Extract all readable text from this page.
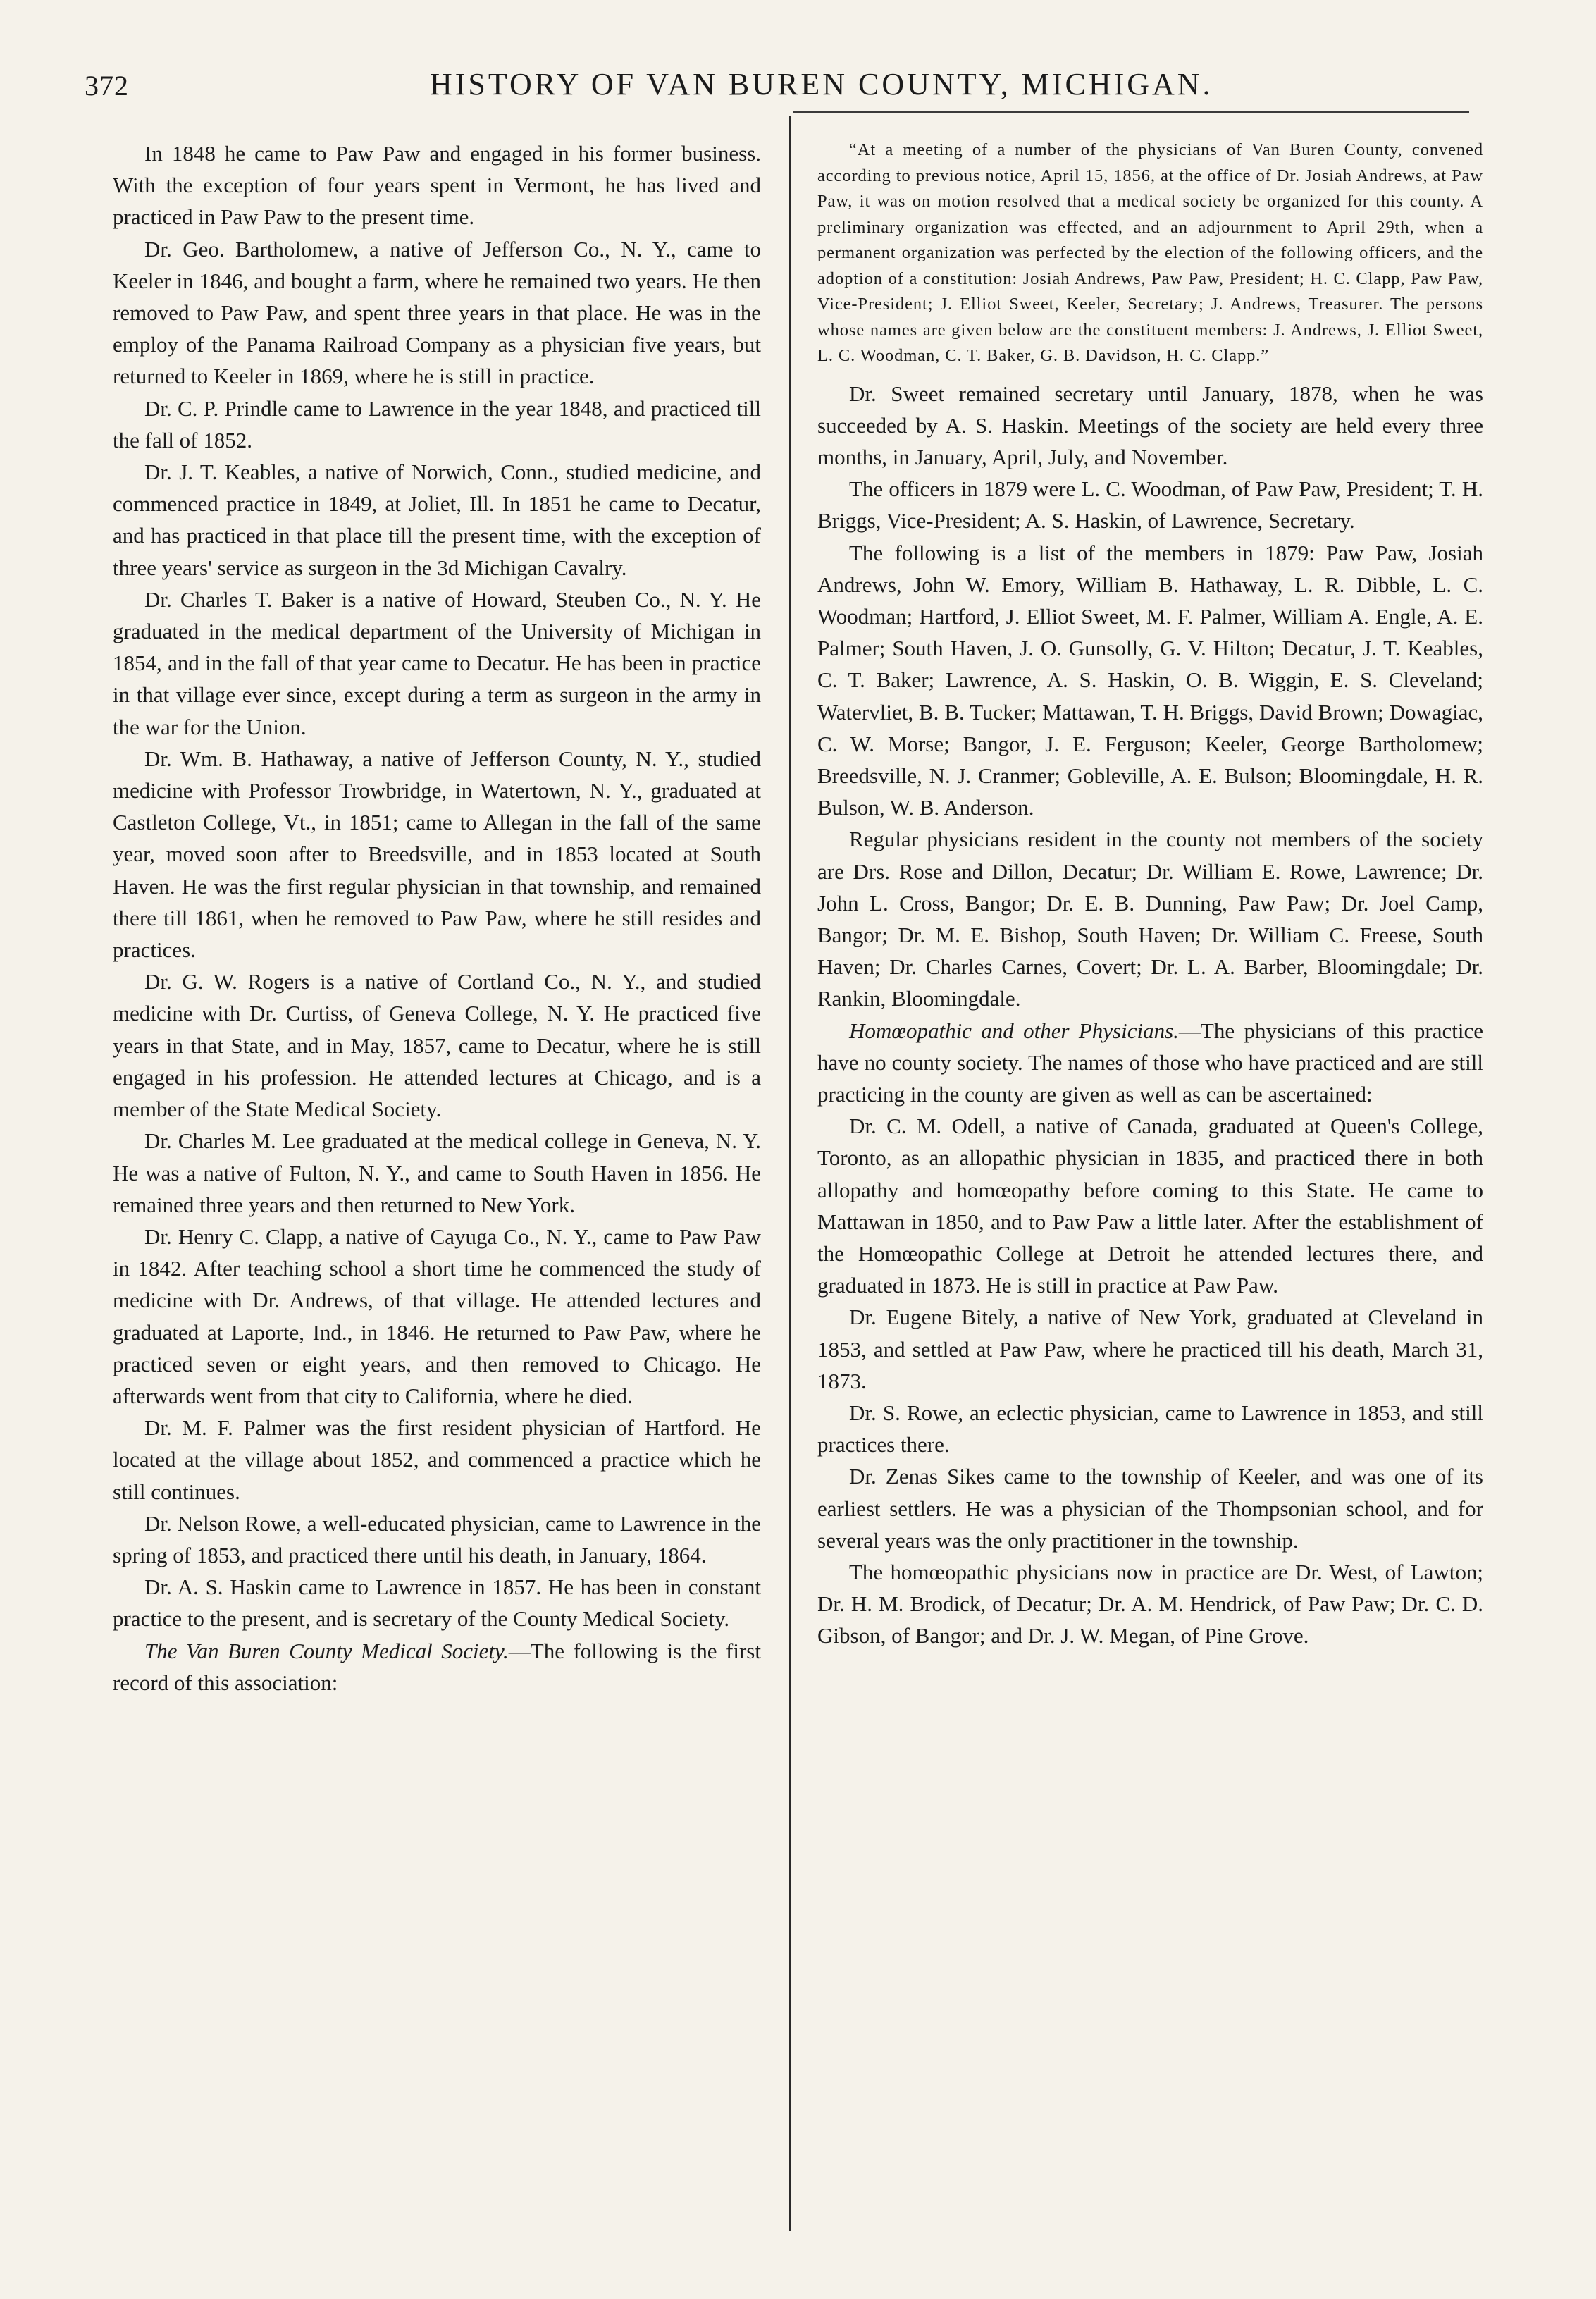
372	HISTORY OF VAN BUREN COUNTY, MICHIGAN.

In 1848 he came to Paw Paw and engaged in his former business. With the exception of four years spent in Vermont, he has lived and practiced in Paw Paw to the present time.

Dr. Geo. Bartholomew, a native of Jefferson Co., N. Y., came to Keeler in 1846, and bought a farm, where he remained two years. He then removed to Paw Paw, and spent three years in that place. He was in the employ of the Panama Railroad Company as a physician five years, but returned to Keeler in 1869, where he is still in practice.

Dr. C. P. Prindle came to Lawrence in the year 1848, and practiced till the fall of 1852.

Dr. J. T. Keables, a native of Norwich, Conn., studied medicine, and commenced practice in 1849, at Joliet, Ill. In 1851 he came to Decatur, and has practiced in that place till the present time, with the exception of three years' service as surgeon in the 3d Michigan Cavalry.

Dr. Charles T. Baker is a native of Howard, Steuben Co., N. Y. He graduated in the medical department of the University of Michigan in 1854, and in the fall of that year came to Decatur. He has been in practice in that village ever since, except during a term as surgeon in the army in the war for the Union.

Dr. Wm. B. Hathaway, a native of Jefferson County, N. Y., studied medicine with Professor Trowbridge, in Watertown, N. Y., graduated at Castleton College, Vt., in 1851; came to Allegan in the fall of the same year, moved soon after to Breedsville, and in 1853 located at South Haven. He was the first regular physician in that township, and remained there till 1861, when he removed to Paw Paw, where he still resides and practices.

Dr. G. W. Rogers is a native of Cortland Co., N. Y., and studied medicine with Dr. Curtiss, of Geneva College, N. Y. He practiced five years in that State, and in May, 1857, came to Decatur, where he is still engaged in his profession. He attended lectures at Chicago, and is a member of the State Medical Society.

Dr. Charles M. Lee graduated at the medical college in Geneva, N. Y. He was a native of Fulton, N. Y., and came to South Haven in 1856. He remained three years and then returned to New York.

Dr. Henry C. Clapp, a native of Cayuga Co., N. Y., came to Paw Paw in 1842. After teaching school a short time he commenced the study of medicine with Dr. Andrews, of that village. He attended lectures and graduated at Laporte, Ind., in 1846. He returned to Paw Paw, where he practiced seven or eight years, and then removed to Chicago. He afterwards went from that city to California, where he died.

Dr. M. F. Palmer was the first resident physician of Hartford. He located at the village about 1852, and commenced a practice which he still continues.

Dr. Nelson Rowe, a well-educated physician, came to Lawrence in the spring of 1853, and practiced there until his death, in January, 1864.

Dr. A. S. Haskin came to Lawrence in 1857. He has been in constant practice to the present, and is secretary of the County Medical Society.

The Van Buren County Medical Society.—The following is the first record of this association:

“At a meeting of a number of the physicians of Van Buren County, convened according to previous notice, April 15, 1856, at the office of Dr. Josiah Andrews, at Paw Paw, it was on motion resolved that a medical society be organized for this county. A preliminary organization was effected, and an adjournment to April 29th, when a permanent organization was perfected by the election of the following officers, and the adoption of a constitution: Josiah Andrews, Paw Paw, President; H. C. Clapp, Paw Paw, Vice-President; J. Elliot Sweet, Keeler, Secretary; J. Andrews, Treasurer. The persons whose names are given below are the constituent members: J. Andrews, J. Elliot Sweet, L. C. Woodman, C. T. Baker, G. B. Davidson, H. C. Clapp.”

Dr. Sweet remained secretary until January, 1878, when he was succeeded by A. S. Haskin. Meetings of the society are held every three months, in January, April, July, and November.

The officers in 1879 were L. C. Woodman, of Paw Paw, President; T. H. Briggs, Vice-President; A. S. Haskin, of Lawrence, Secretary.

The following is a list of the members in 1879: Paw Paw, Josiah Andrews, John W. Emory, William B. Hathaway, L. R. Dibble, L. C. Woodman; Hartford, J. Elliot Sweet, M. F. Palmer, William A. Engle, A. E. Palmer; South Haven, J. O. Gunsolly, G. V. Hilton; Decatur, J. T. Keables, C. T. Baker; Lawrence, A. S. Haskin, O. B. Wiggin, E. S. Cleveland; Watervliet, B. B. Tucker; Mattawan, T. H. Briggs, David Brown; Dowagiac, C. W. Morse; Bangor, J. E. Ferguson; Keeler, George Bartholomew; Breedsville, N. J. Cranmer; Gobleville, A. E. Bulson; Bloomingdale, H. R. Bulson, W. B. Anderson.

Regular physicians resident in the county not members of the society are Drs. Rose and Dillon, Decatur; Dr. William E. Rowe, Lawrence; Dr. John L. Cross, Bangor; Dr. E. B. Dunning, Paw Paw; Dr. Joel Camp, Bangor; Dr. M. E. Bishop, South Haven; Dr. William C. Freese, South Haven; Dr. Charles Carnes, Covert; Dr. L. A. Barber, Bloomingdale; Dr. Rankin, Bloomingdale.

Homœopathic and other Physicians.—The physicians of this practice have no county society. The names of those who have practiced and are still practicing in the county are given as well as can be ascertained:

Dr. C. M. Odell, a native of Canada, graduated at Queen's College, Toronto, as an allopathic physician in 1835, and practiced there in both allopathy and homœopathy before coming to this State. He came to Mattawan in 1850, and to Paw Paw a little later. After the establishment of the Homœopathic College at Detroit he attended lectures there, and graduated in 1873. He is still in practice at Paw Paw.

Dr. Eugene Bitely, a native of New York, graduated at Cleveland in 1853, and settled at Paw Paw, where he practiced till his death, March 31, 1873.

Dr. S. Rowe, an eclectic physician, came to Lawrence in 1853, and still practices there.

Dr. Zenas Sikes came to the township of Keeler, and was one of its earliest settlers. He was a physician of the Thompsonian school, and for several years was the only practitioner in the township.

The homœopathic physicians now in practice are Dr. West, of Lawton; Dr. H. M. Brodick, of Decatur; Dr. A. M. Hendrick, of Paw Paw; Dr. C. D. Gibson, of Bangor; and Dr. J. W. Megan, of Pine Grove.
